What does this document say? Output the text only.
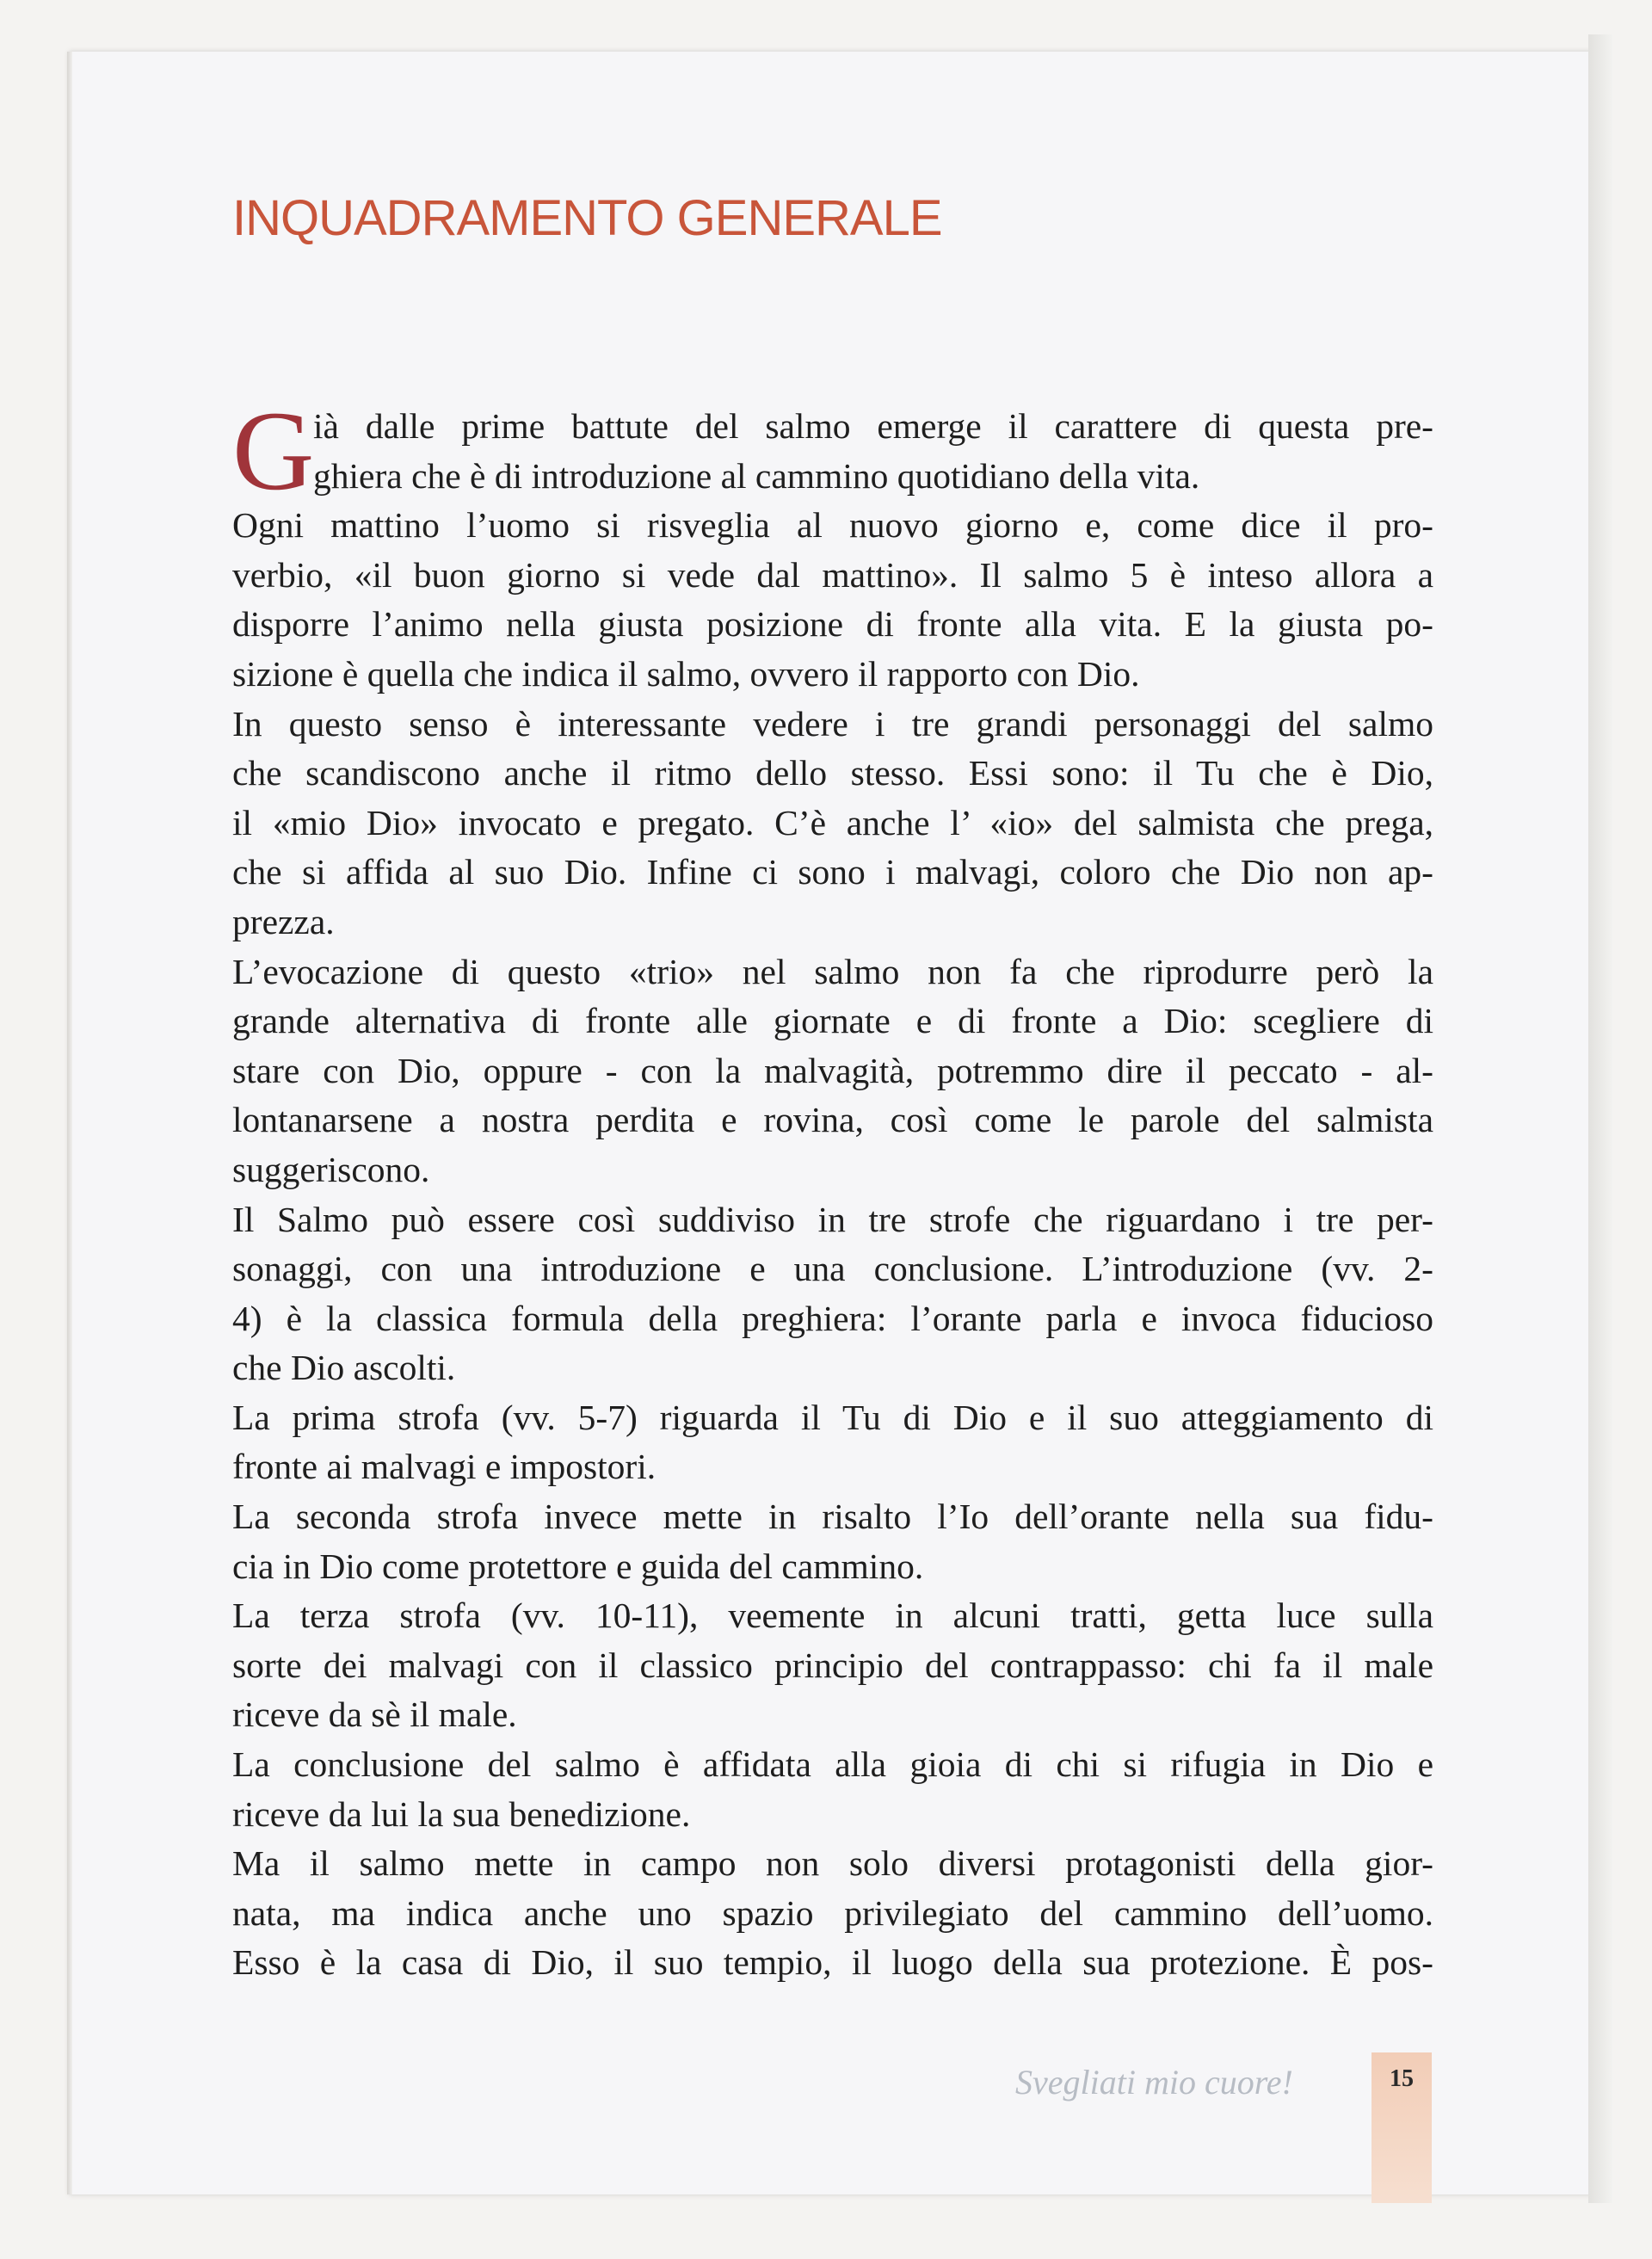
INQUADRAMENTO GENERALE
G
ià dalle prime battute del salmo emerge il carattere di questa pre-
ghiera che è di introduzione al cammino quotidiano della vita.
Ogni mattino l’uomo si risveglia al nuovo giorno e, come dice il pro-
verbio, «il buon giorno si vede dal mattino». Il salmo 5 è inteso allora a
disporre l’animo nella giusta posizione di fronte alla vita. E la giusta po-
sizione è quella che indica il salmo, ovvero il rapporto con Dio.
In questo senso è interessante vedere i tre grandi personaggi del salmo
che scandiscono anche il ritmo dello stesso. Essi sono: il Tu che è Dio,
il «mio Dio» invocato e pregato. C’è anche l’ «io» del salmista che prega,
che si affida al suo Dio. Infine ci sono i malvagi, coloro che Dio non ap-
prezza.
L’evocazione di questo «trio» nel salmo non fa che riprodurre però la
grande alternativa di fronte alle giornate e di fronte a Dio: scegliere di
stare con Dio, oppure - con la malvagità, potremmo dire il peccato - al-
lontanarsene a nostra perdita e rovina, così come le parole del salmista
suggeriscono.
Il Salmo può essere così suddiviso in tre strofe che riguardano i tre per-
sonaggi, con una introduzione e una conclusione. L’introduzione (vv. 2-
4) è la classica formula della preghiera: l’orante parla e invoca fiducioso
che Dio ascolti.
La prima strofa (vv. 5-7) riguarda il Tu di Dio e il suo atteggiamento di
fronte ai malvagi e impostori.
La seconda strofa invece mette in risalto l’Io dell’orante nella sua fidu-
cia in Dio come protettore e guida del cammino.
La terza strofa (vv. 10-11), veemente in alcuni tratti, getta luce sulla
sorte dei malvagi con il classico principio del contrappasso: chi fa il male
riceve da sè il male.
La conclusione del salmo è affidata alla gioia di chi si rifugia in Dio e
riceve da lui la sua benedizione.
Ma il salmo mette in campo non solo diversi protagonisti della gior-
nata, ma indica anche uno spazio privilegiato del cammino dell’uomo.
Esso è la casa di Dio, il suo tempio, il luogo della sua protezione. È pos-
Svegliati mio cuore!	15
